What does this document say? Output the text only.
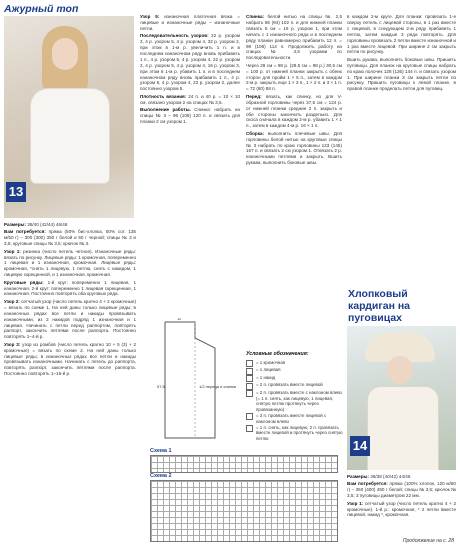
Ажурный топ
13

Размеры: 38/40 (42/44) 46/48

Вам потребуется: пряжа (50% бис-хлопка, 50% сот. 135 м/50 г) – 300 (300) 350 г белой и 50 г черной; спицы № 3 и 3,5; круговые спицы № 3,5; крючок № 3.

Узор 1: резинка (число петель четное). Изнаночные ряды: вязать по рисунку. Лицевые ряды: 1 кромочная, попеременно 1 лицевая и 1 изнаночная, кромочная. Лицевые ряды: кромочная, *снять 1 лицевую, 1 петлю, снять с накидом, 1 лицевую скрещенной, и 1 изнаночная, кромочная.

Круговые ряды: 1-й круг: попеременно 1 лицевая, 1 изнаночная. 2-й круг: попеременно 1 лицевая скрещенная, 1 изнаночная. Постоянно повторять оба круговых ряда.

Узор 2: сетчатый узор (число петель кратно 4 + 2 кромочные) = вязать по схеме 1. На ней даны только лицевые ряды; в изнаночных рядах все петли и накиды провязывать изнаночными, из 2 накидов подряд 1 изнаночная и 1 лицевая. Начинать с петли перед раппортом, повторять раппорт, закончить петлями после раппорта. Постоянно повторять 1–4-й р.

Узор 3: узор из ромбов (число петель кратно 10 + 5 (3) + 2 кромочные) = вязать по схеме 2. На ней даны только лицевые ряды; в изнаночных рядах все петли и накиды провязывать изнаночными. Начинать с петель до раппорта, повторять раппорт, закончить петлями после раппорта. Постоянно повторять 1–16-й р.

Узор 5: изнаночная платочная вязка = лицевые и изнаночные ряды – изнаночные петли.

Последовательность узоров: 22 р. узором 2, 4 р. узором 5, 4 р. узором 4, 32 р. узором 2, при этом в 1-м р. увеличить 1 п. и в последнем изнаночном ряду вновь прибавить 1 п., 4 р. узором 5, 4 р. узором 4, 22 р. узором 2, 4 р. узором 5, 4 р. узором 4, 16 р. узором 3, при этом в 1-м р. убавить 1 п. и в последнем изнаночном ряду вновь прибавить 1 п., 4 р. узором 5, 4 р. узором 4, 22 р. узором 2, далее постоянно узором 5.

Плотность вязания: 24 п. и 40 р. = 10 × 10 см, связано узором 2 на спицах № 3,5.

Выполнение работы. Спинка: набрать на спицы № 3 – 96 (108) 120 п. и связать для планки 2 см узором 1.

1/2 переда и спинки
57,5
11

Спинка: белой нитью на спицы № 2,5 набрать 86 (94) 102 п. и для нижней планки связать 5 см = 19 р. узором 1, при этом начать с 1 изнаночного ряда и в последнем ряду планки равномерно прибавить 12 п. = 98 (106) 114 п. Продолжить работу на спицах № 3,5 узорами по последовательности.

Через 29 см = 98 р. (29,5 см = 98 р.) 30,5 см = 100 р. от нижней планки закрыть с обеих сторон для пройм 1 × 5 п., затем в каждом 2-м р. закрыть еще 1 × 3 п., 1 × 2 п. и 3 × 1 п. = 72 (80) 88 п.

Перед: вязать, как спинку, но для V-образной горловины через 37,5 см = 124 р. от нижней планки средние 2 п. закрыть и обе стороны закончить раздельно. Для скоса сначала в каждом 2-м р. убавить 1 × 1 п., затем в каждом 4-м р. 16 × 1 п.

Сборка: выполнить плечевые швы. Для горловины белой нитью на круговые спицы № 3 набрать по краю горловины 133 (145) 157 п. и связать 2 см узором 1. Отвязать 2 р. изнаночными петлями и закрыть. Вшить рукава, выполнить боковые швы.

Условные обозначения:
= 1 кромочная
= 1 лицевая
= 1 накид
= 2 п. провязать вместе лицевой
= 2 п. провязать вместе с наклоном влево (= 1 п. снять, как лицевую, 1 лицевая, снятую петлю протянуть через провязанную)
= 3 п. провязать вместе лицевой с наклоном влево
= 1 п. снять, как лицевую, 2 п. провязать вместе лицевой и протянуть через снятую петлю
Схема 1
Схема 2

в каждом 2-м круге. Для планки: провязать 1-е сверху петель с лицевой стороны, в 1 раз вместе с лицевой, в следующем 2-м ряду прибавить 1 петлю, затем каждые 3 ряда повторять. Для горловины провязать 2 петли вместе изнаночной и 1 раз вместе лицевой. При ширине 2 см закрыть петли по рисунку.

Вшить рукава, выполнить боковые швы. Пришить пуговицы. Для планок на круговые спицы набрать по краю полочек 128 (136) 144 п. и связать узором 1. При ширине планки 3 см закрыть петли по рисунку. Пришить пуговицы к левой планке, в правой планке проделать петли для пуговиц.

Хлопковый кардиган на пуговицах
14

Размеры: 38/38 (40/42) 44/46

Вам потребуется: пряжа (100% хлопок, 120 м/50 г) – 350 (400) 450 г белой; спицы № 3,5; крючок № 3,5; 3 пуговицы диаметром 22 мм.

Узор 1: сетчатый узор (число петель кратно 4 + 2 кромочные). 1-й р.: кромочная, * 2 петли вместе лицевой, накид *, кромочная.

Продолжение на с. 28
